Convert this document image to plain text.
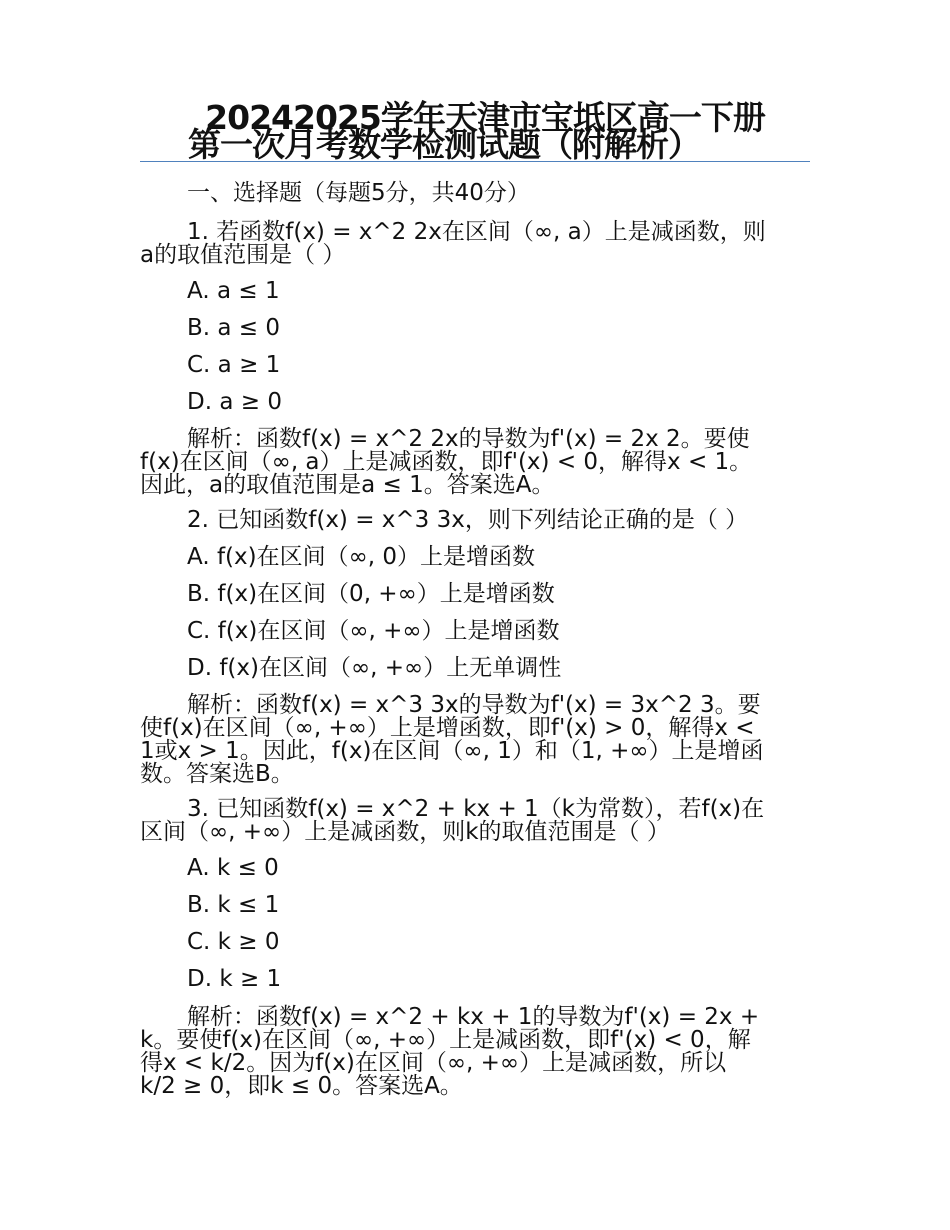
20242025学年天津市宝坻区高一下册
第一次月考数学检测试题（附解析）
一、选择题（每题5分，共40分）
1. 若函数f(x) = x^2 2x在区间（∞, a）上是减函数，则
a的取值范围是（ ）
A. a ≤ 1
B. a ≤ 0
C. a ≥ 1
D. a ≥ 0
解析：函数f(x) = x^2 2x的导数为f'(x) = 2x 2。要使
f(x)在区间（∞, a）上是减函数，即f'(x) < 0，解得x < 1。
因此，a的取值范围是a ≤ 1。答案选A。
2. 已知函数f(x) = x^3 3x，则下列结论正确的是（ ）
A. f(x)在区间（∞, 0）上是增函数
B. f(x)在区间（0, +∞）上是增函数
C. f(x)在区间（∞, +∞）上是增函数
D. f(x)在区间（∞, +∞）上无单调性
解析：函数f(x) = x^3 3x的导数为f'(x) = 3x^2 3。要
使f(x)在区间（∞, +∞）上是增函数，即f'(x) > 0，解得x <
1或x > 1。因此，f(x)在区间（∞, 1）和（1, +∞）上是增函
数。答案选B。
3. 已知函数f(x) = x^2 + kx + 1（k为常数），若f(x)在
区间（∞, +∞）上是减函数，则k的取值范围是（ ）
A. k ≤ 0
B. k ≤ 1
C. k ≥ 0
D. k ≥ 1
解析：函数f(x) = x^2 + kx + 1的导数为f'(x) = 2x +
k。要使f(x)在区间（∞, +∞）上是减函数，即f'(x) < 0，解
得x < k/2。因为f(x)在区间（∞, +∞）上是减函数，所以
k/2 ≥ 0，即k ≤ 0。答案选A。
